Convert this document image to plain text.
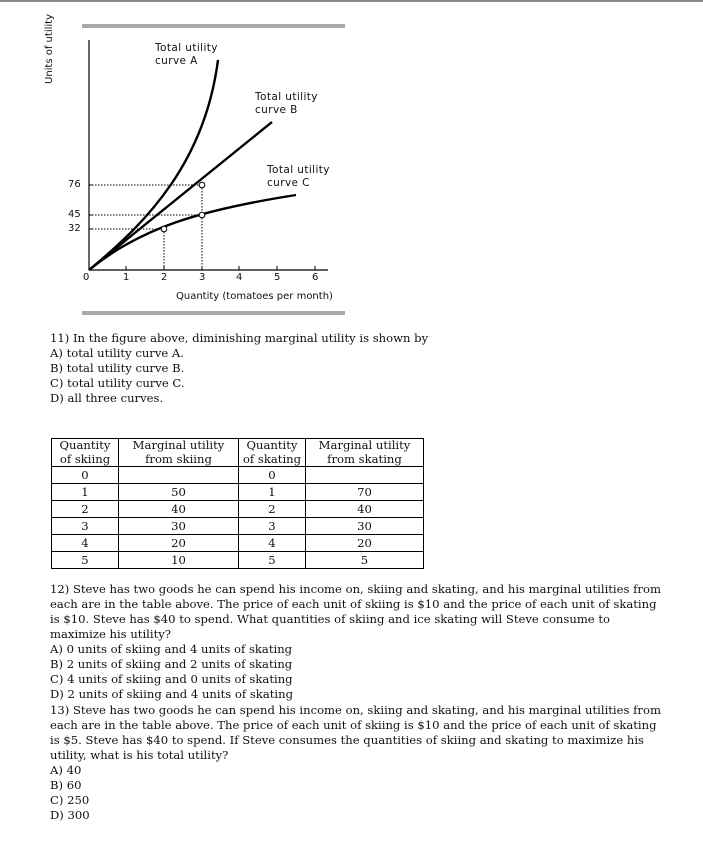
Units of utility	Total utility
curve A
Total utility
curve B
Total utility
curve C
76
45
32
0	1	2	3	4	5	6
Quantity (tomatoes per month)
11) In the figure above, diminishing marginal utility is shown by
A) total utility curve A.
B) total utility curve B.
C) total utility curve C.
D) all three curves.
Quantity of skiing	Marginal utility from skiing	Quantity of skating	Marginal utility from skating
0		0	
1	50	1	70
2	40	2	40
3	30	3	30
4	20	4	20
5	10	5	5
12) Steve has two goods he can spend his income on, skiing and skating, and his marginal utilities from each are in the table above. The price of each unit of skiing is $10 and the price of each unit of skating is $10. Steve has $40 to spend. What quantities of skiing and ice skating will Steve consume to maximize his utility?
A) 0 units of skiing and 4 units of skating
B) 2 units of skiing and 2 units of skating
C) 4 units of skiing and 0 units of skating
D) 2 units of skiing and 4 units of skating
13) Steve has two goods he can spend his income on, skiing and skating, and his marginal utilities from each are in the table above. The price of each unit of skiing is $10 and the price of each unit of skating is $5. Steve has $40 to spend. If Steve consumes the quantities of skiing and skating to maximize his utility, what is his total utility?
A) 40
B) 60
C) 250
D) 300
